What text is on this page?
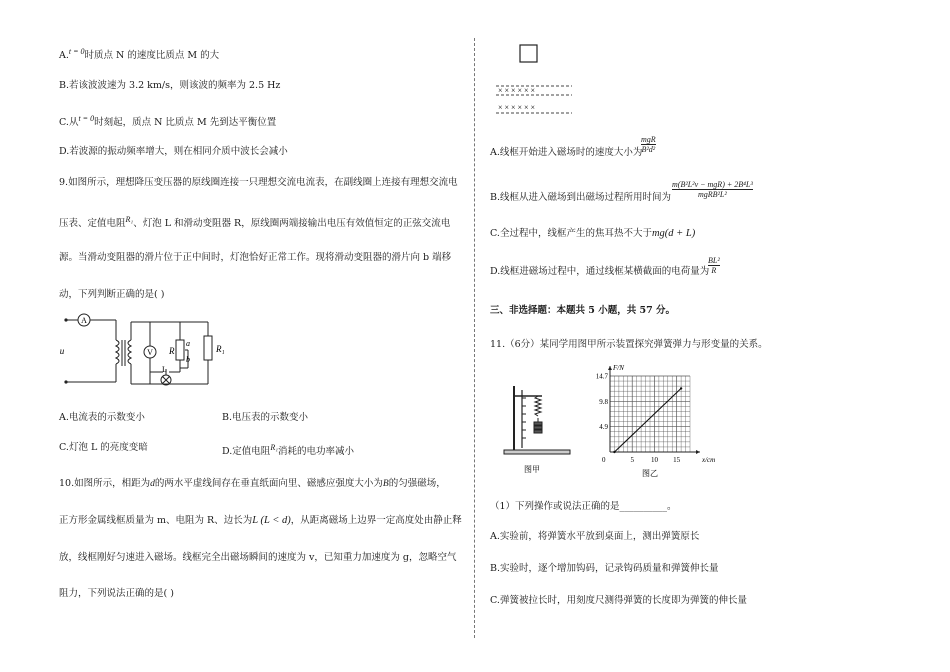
A.$^{t = 0}$时质点 N 的速度比质点 M 的大
B.若该波波速为 3.2 km/s，则该波的频率为 2.5 Hz
C.从$^{t = 0}$时刻起，质点 N 比质点 M 先到达平衡位置
D.若波源的振动频率增大，则在相同介质中波长会减小
9.如图所示，理想降压变压器的原线圈连接一只理想交流电流表，在副线圈上连接有理想交流电
压表、定值电阻$^{R_1}$、灯泡 L 和滑动变阻器 R，原线圈两端接输出电压有效值恒定的正弦交流电
源。当滑动变阻器的滑片位于正中间时，灯泡恰好正常工作。现将滑动变阻器的滑片向 b 端移
动，下列判断正确的是( )
A
V
u	R
a
b
R₁
L
A.电流表的示数变小	B.电压表的示数变小
C.灯泡 L 的亮度变暗	D.定值电阻$^{R_1}$消耗的电功率减小
10.如图所示，相距为d的两水平虚线间存在垂直纸面向里、磁感应强度大小为B的匀强磁场，
正方形金属线框质量为 m、电阻为 R、边长为L (L < d)，从距离磁场上边界一定高度处由静止释
放，线框刚好匀速进入磁场。线框完全出磁场瞬间的速度为 v，已知重力加速度为 g，忽略空气
阻力，下列说法正确的是( )
× × × × × ×
× × × × × ×
A.线框开始进入磁场时的速度大小为
mgR
B²d²
B.线框从进入磁场到出磁场过程所用时间为
m(B²L²v − mgR) + 2B⁴L³
mgRB²L²
C.全过程中，线框产生的焦耳热不大于mg(d + L)
D.线框进磁场过程中，通过线框某横截面的电荷量为
$\frac{\text{BL²}}{R}$
三、非选择题：本题共 5 小题，共 57 分。
11.（6分）某同学用图甲所示装置探究弹簧弹力与形变量的关系。
图甲
x/cm
F/N
0	5 10 15
4.9
9.8
14.7
图乙
（1）下列操作或说法正确的是__________。
A.实验前，将弹簧水平放到桌面上，测出弹簧原长
B.实验时，逐个增加钩码，记录钩码质量和弹簧伸长量
C.弹簧被拉长时，用刻度尺测得弹簧的长度即为弹簧的伸长量
